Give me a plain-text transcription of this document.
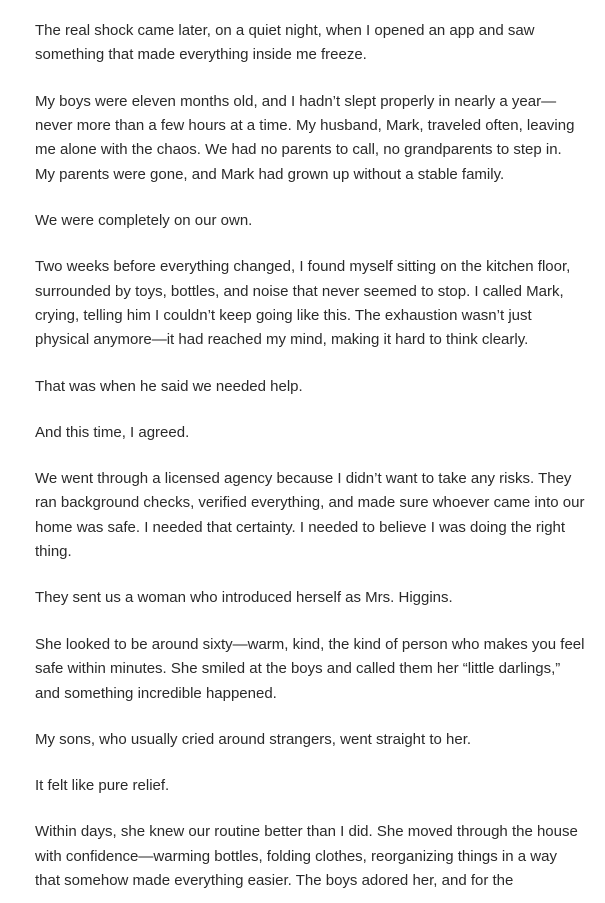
The real shock came later, on a quiet night, when I opened an app and saw something that made everything inside me freeze.

My boys were eleven months old, and I hadn’t slept properly in nearly a year—never more than a few hours at a time. My husband, Mark, traveled often, leaving me alone with the chaos. We had no parents to call, no grandparents to step in. My parents were gone, and Mark had grown up without a stable family.

We were completely on our own.

Two weeks before everything changed, I found myself sitting on the kitchen floor, surrounded by toys, bottles, and noise that never seemed to stop. I called Mark, crying, telling him I couldn’t keep going like this. The exhaustion wasn’t just physical anymore—it had reached my mind, making it hard to think clearly.

That was when he said we needed help.

And this time, I agreed.

We went through a licensed agency because I didn’t want to take any risks. They ran background checks, verified everything, and made sure whoever came into our home was safe. I needed that certainty. I needed to believe I was doing the right thing.

They sent us a woman who introduced herself as Mrs. Higgins.

She looked to be around sixty—warm, kind, the kind of person who makes you feel safe within minutes. She smiled at the boys and called them her “little darlings,” and something incredible happened.

My sons, who usually cried around strangers, went straight to her.

It felt like pure relief.

Within days, she knew our routine better than I did. She moved through the house with confidence—warming bottles, folding clothes, reorganizing things in a way that somehow made everything easier. The boys adored her, and for the
